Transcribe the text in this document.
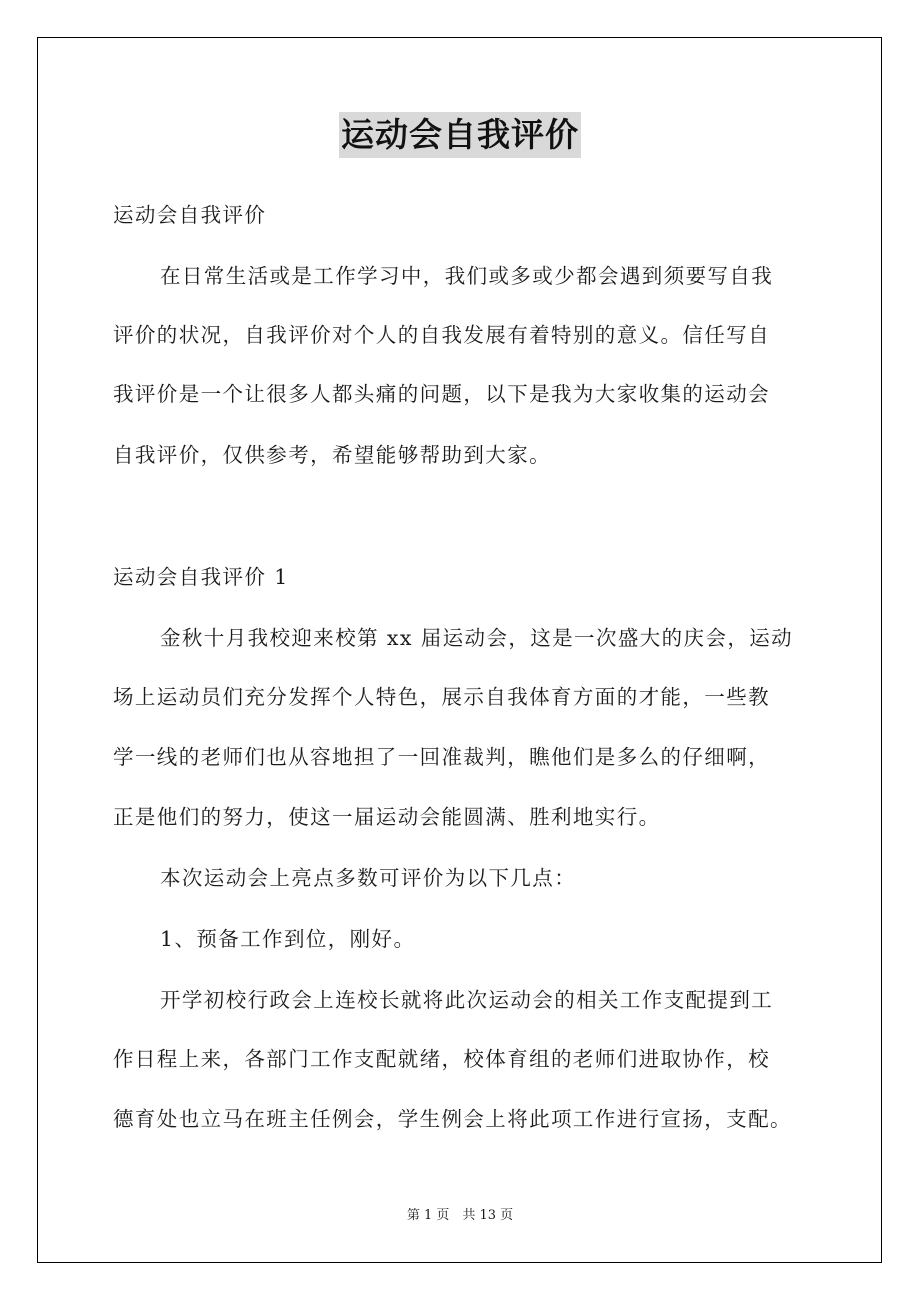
运动会自我评价

运动会自我评价

在日常生活或是工作学习中，我们或多或少都会遇到须要写自我

评价的状况，自我评价对个人的自我发展有着特别的意义。信任写自

我评价是一个让很多人都头痛的问题，以下是我为大家收集的运动会

自我评价，仅供参考，希望能够帮助到大家。

运动会自我评价 1

金秋十月我校迎来校第 xx 届运动会，这是一次盛大的庆会，运动

场上运动员们充分发挥个人特色，展示自我体育方面的才能，一些教

学一线的老师们也从容地担了一回准裁判，瞧他们是多么的仔细啊，

正是他们的努力，使这一届运动会能圆满、胜利地实行。

本次运动会上亮点多数可评价为以下几点：

1、预备工作到位，刚好。

开学初校行政会上连校长就将此次运动会的相关工作支配提到工

作日程上来，各部门工作支配就绪，校体育组的老师们进取协作，校

德育处也立马在班主任例会，学生例会上将此项工作进行宣扬，支配。

第 1 页　共 13 页
